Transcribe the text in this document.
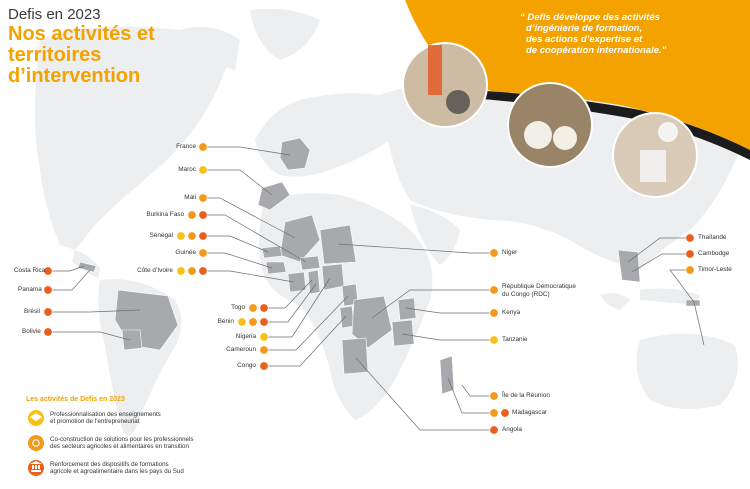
Defis en 2023
Nos activités et
territoires d’intervention
“ Defis développe des activités
d’ingénierie de formation,
des actions d’expertise et
de coopération internationale.”
France
Maroc
Mali
Burkina Faso
Sénégal
Guinée
Côte d’Ivoire
Togo
Bénin
Nigeria
Cameroun
Congo
Costa Rica
Panama
Brésil
Bolivie
Niger
République Démocratique
du Congo (RDC)
Kenya
Tanzanie
Île de la Réunion
Madagascar
Angola
Thaïlande
Cambodge
Timor-Leste
Les activités de Defis en 2023
Professionnalisation des enseignements
et promotion de l’entrepreneuriat
Co-construction de solutions pour les professionnels
des secteurs agricoles et alimentaires en transition
Renforcement des dispositifs de formations
agricole et agroalimentaire dans les pays du Sud
